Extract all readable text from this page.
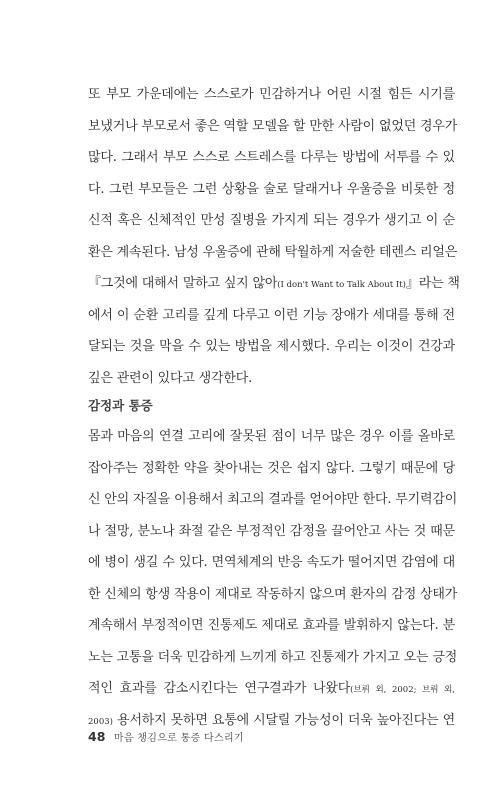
또 부모 가운데에는 스스로가 민감하거나 어린 시절 힘든 시기를
보냈거나 부모로서 좋은 역할 모델을 할 만한 사람이 없었던 경우가
많다. 그래서 부모 스스로 스트레스를 다루는 방법에 서투를 수 있
다. 그런 부모들은 그런 상황을 술로 달래거나 우울증을 비롯한 정
신적 혹은 신체적인 만성 질병을 가지게 되는 경우가 생기고 이 순
환은 계속된다. 남성 우울증에 관해 탁월하게 저술한 테렌스 리얼은
『그것에 대해서 말하고 싶지 않아(I don't Want to Talk About It)』라는 책
에서 이 순환 고리를 깊게 다루고 이런 기능 장애가 세대를 통해 전
달되는 것을 막을 수 있는 방법을 제시했다. 우리는 이것이 건강과
깊은 관련이 있다고 생각한다.
감정과 통증
몸과 마음의 연결 고리에 잘못된 점이 너무 많은 경우 이를 올바로
잡아주는 정확한 약을 찾아내는 것은 쉽지 않다. 그렇기 때문에 당
신 안의 자질을 이용해서 최고의 결과를 얻어야만 한다. 무기력감이
나 절망, 분노나 좌절 같은 부정적인 감정을 끌어안고 사는 것 때문
에 병이 생길 수 있다. 면역체계의 반응 속도가 떨어지면 감염에 대
한 신체의 항생 작용이 제대로 작동하지 않으며 환자의 감정 상태가
계속해서 부정적이면 진통제도 제대로 효과를 발휘하지 않는다. 분
노는 고통을 더욱 민감하게 느끼게 하고 진통제가 가지고 오는 긍정
적인 효과를 감소시킨다는 연구결과가 나왔다(브뤼 외, 2002; 브뤼 외,
2003) 용서하지 못하면 요통에 시달릴 가능성이 더욱 높아진다는 연
48 마음 챙김으로 통증 다스리기
